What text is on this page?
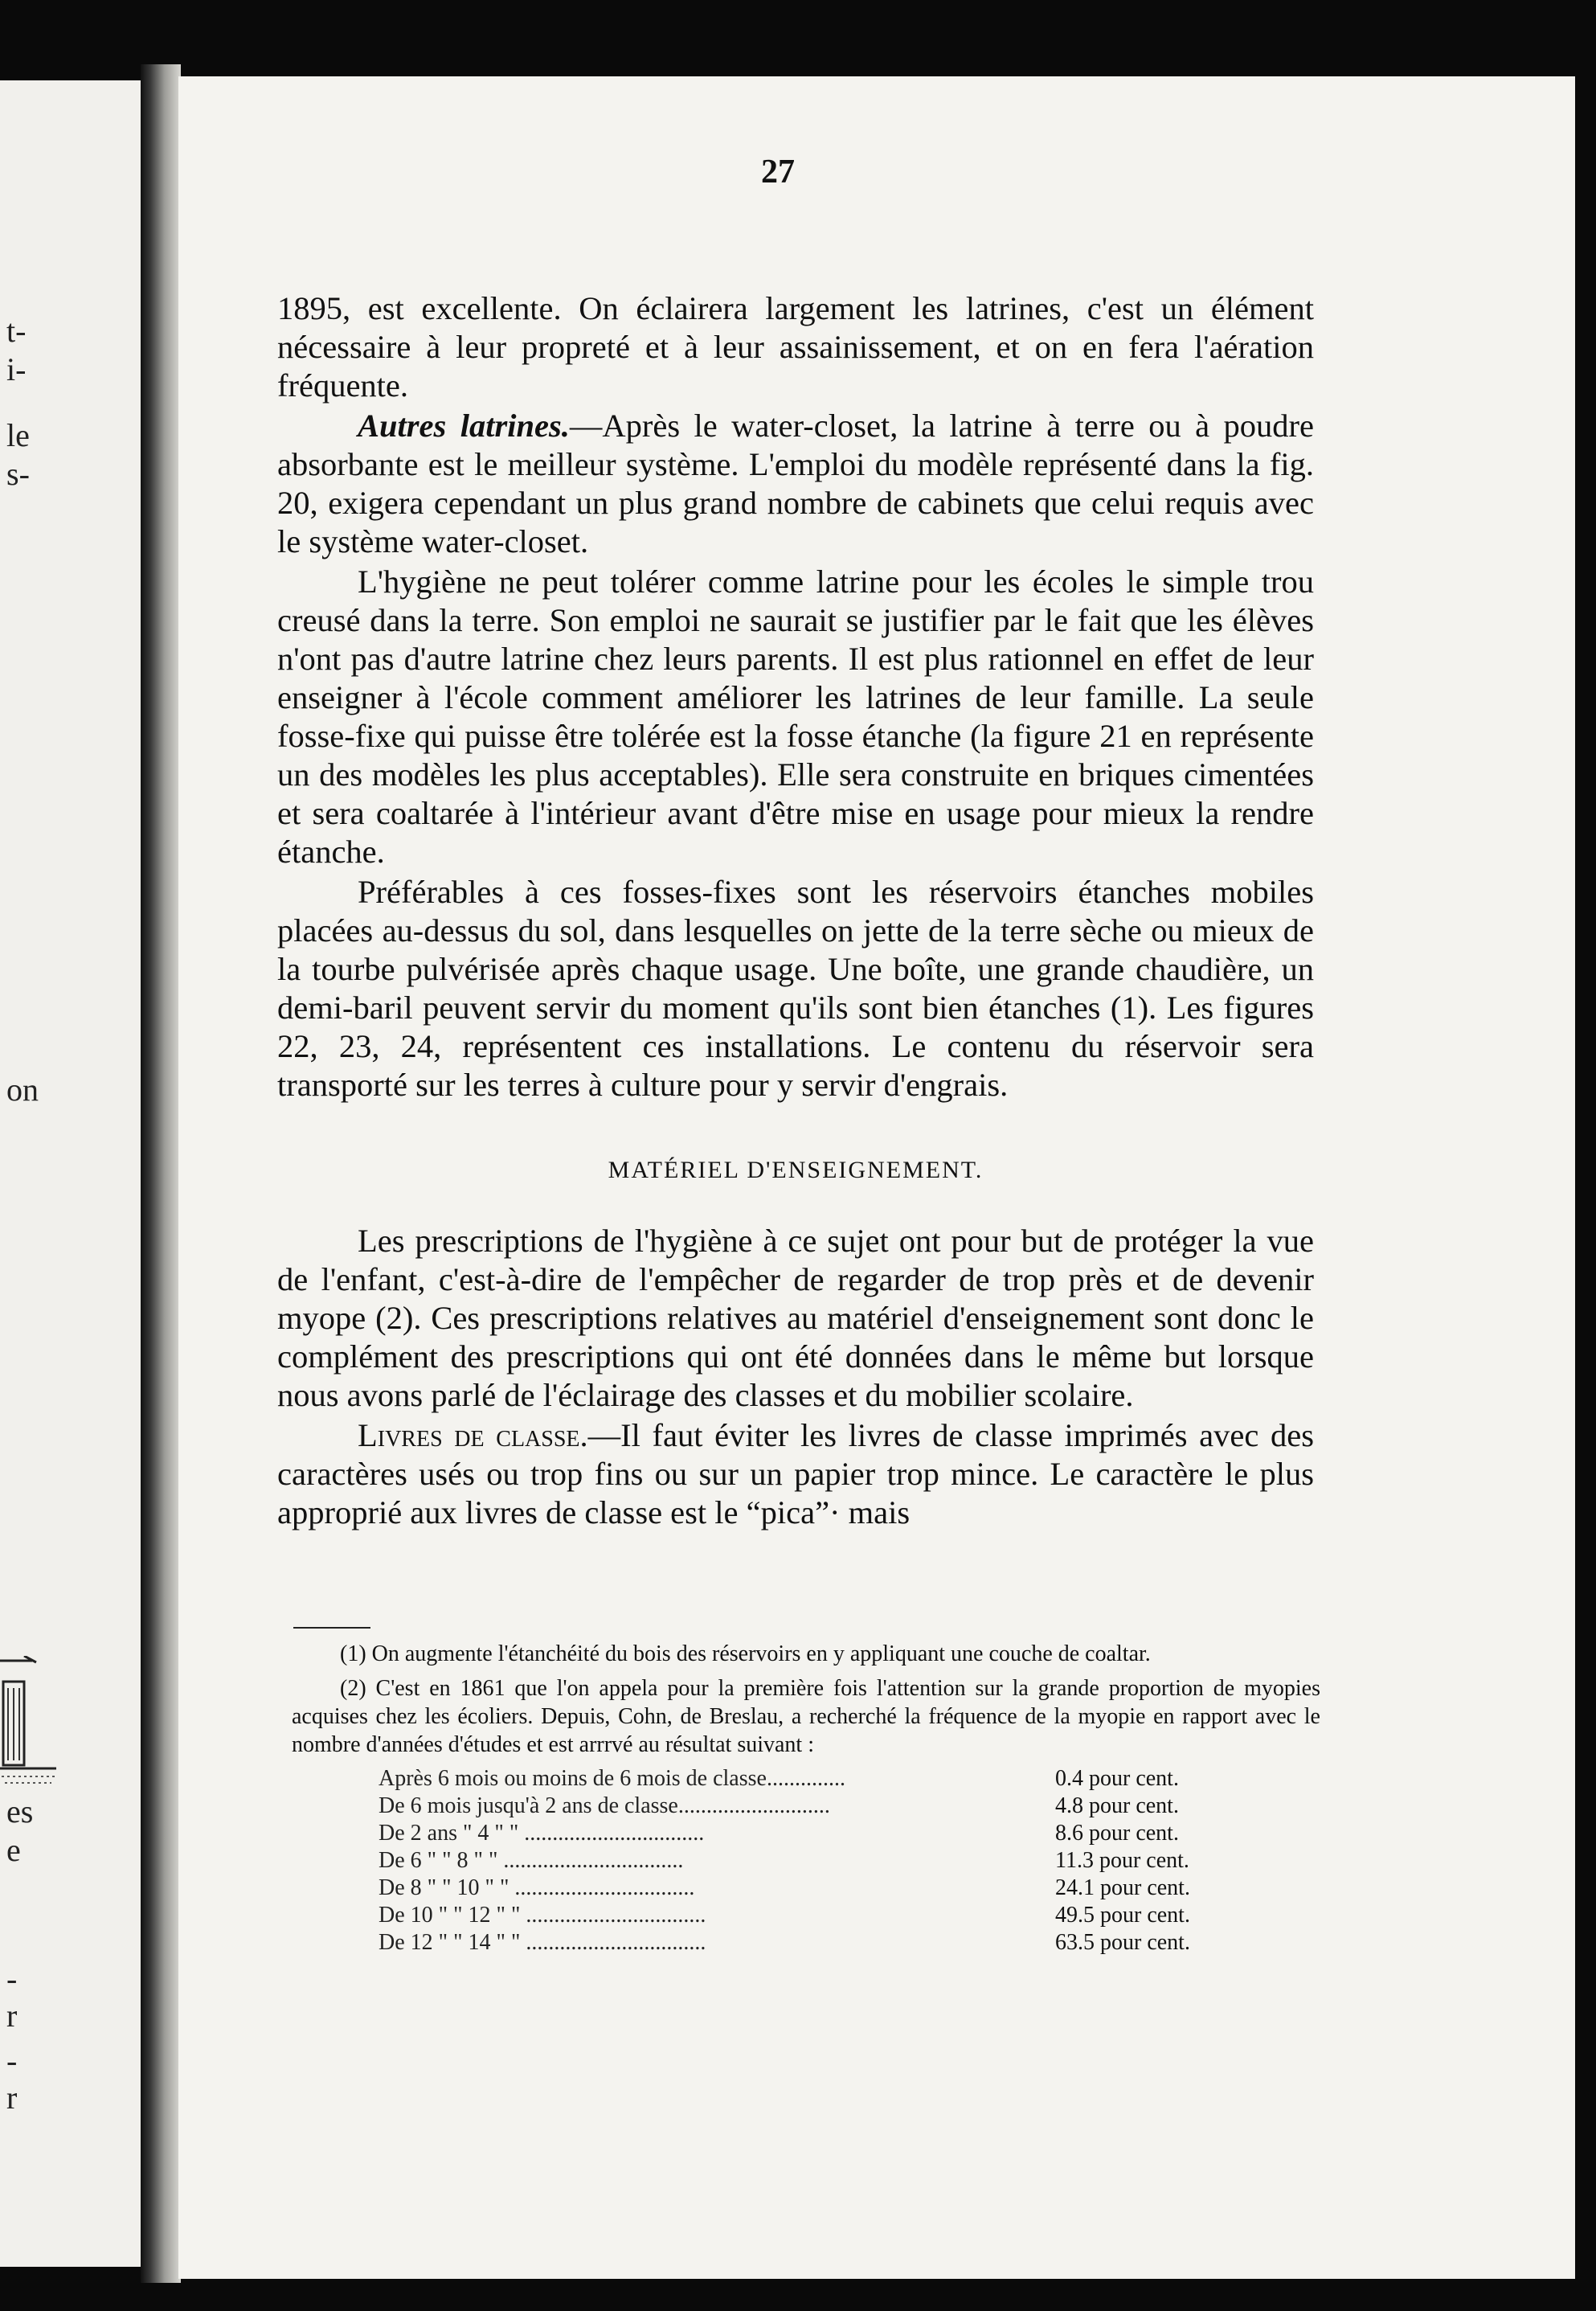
t-
i-
le
s-
on
es
e
-
r
-
r
27

1895, est excellente. On éclairera largement les latrines, c'est un élément nécessaire à leur propreté et à leur assainissement, et on en fera l'aération fréquente.

Autres latrines.—Après le water-closet, la latrine à terre ou à poudre absorbante est le meilleur système. L'emploi du modèle représenté dans la fig. 20, exigera cependant un plus grand nombre de cabinets que celui requis avec le système water-closet.

L'hygiène ne peut tolérer comme latrine pour les écoles le simple trou creusé dans la terre. Son emploi ne saurait se justifier par le fait que les élèves n'ont pas d'autre latrine chez leurs parents. Il est plus rationnel en effet de leur enseigner à l'école comment améliorer les latrines de leur famille. La seule fosse-fixe qui puisse être tolérée est la fosse étanche (la figure 21 en représente un des modèles les plus acceptables). Elle sera construite en briques cimentées et sera coaltarée à l'intérieur avant d'être mise en usage pour mieux la rendre étanche.

Préférables à ces fosses-fixes sont les réservoirs étanches mobiles placées au-dessus du sol, dans lesquelles on jette de la terre sèche ou mieux de la tourbe pulvérisée après chaque usage. Une boîte, une grande chaudière, un demi-baril peuvent servir du moment qu'ils sont bien étanches (1). Les figures 22, 23, 24, représentent ces installations. Le contenu du réservoir sera transporté sur les terres à culture pour y servir d'engrais.

MATÉRIEL D'ENSEIGNEMENT.

Les prescriptions de l'hygiène à ce sujet ont pour but de protéger la vue de l'enfant, c'est-à-dire de l'empêcher de regarder de trop près et de devenir myope (2). Ces prescriptions relatives au matériel d'enseignement sont donc le complément des prescriptions qui ont été données dans le même but lorsque nous avons parlé de l'éclairage des classes et du mobilier scolaire.

Livres de classe.—Il faut éviter les livres de classe imprimés avec des caractères usés ou trop fins ou sur un papier trop mince. Le caractère le plus approprié aux livres de classe est le “pica”· mais

(1) On augmente l'étanchéité du bois des réservoirs en y appliquant une couche de coaltar.

(2) C'est en 1861 que l'on appela pour la première fois l'attention sur la grande proportion de myopies acquises chez les écoliers. Depuis, Cohn, de Breslau, a recherché la fréquence de la myopie en rapport avec le nombre d'années d'études et est arrrvé au résultat suivant :

Après 6 mois ou moins de 6 mois de classe..............	0.4 pour cent.
De 6 mois jusqu'à 2 ans de classe...........................	4.8 pour cent.
De 2 ans " 4 " " ................................	8.6 pour cent.
De 6 " " 8 " " ................................	11.3 pour cent.
De 8 " " 10 " " ................................	24.1 pour cent.
De 10 " " 12 " " ................................	49.5 pour cent.
De 12 " " 14 " " ................................	63.5 pour cent.
